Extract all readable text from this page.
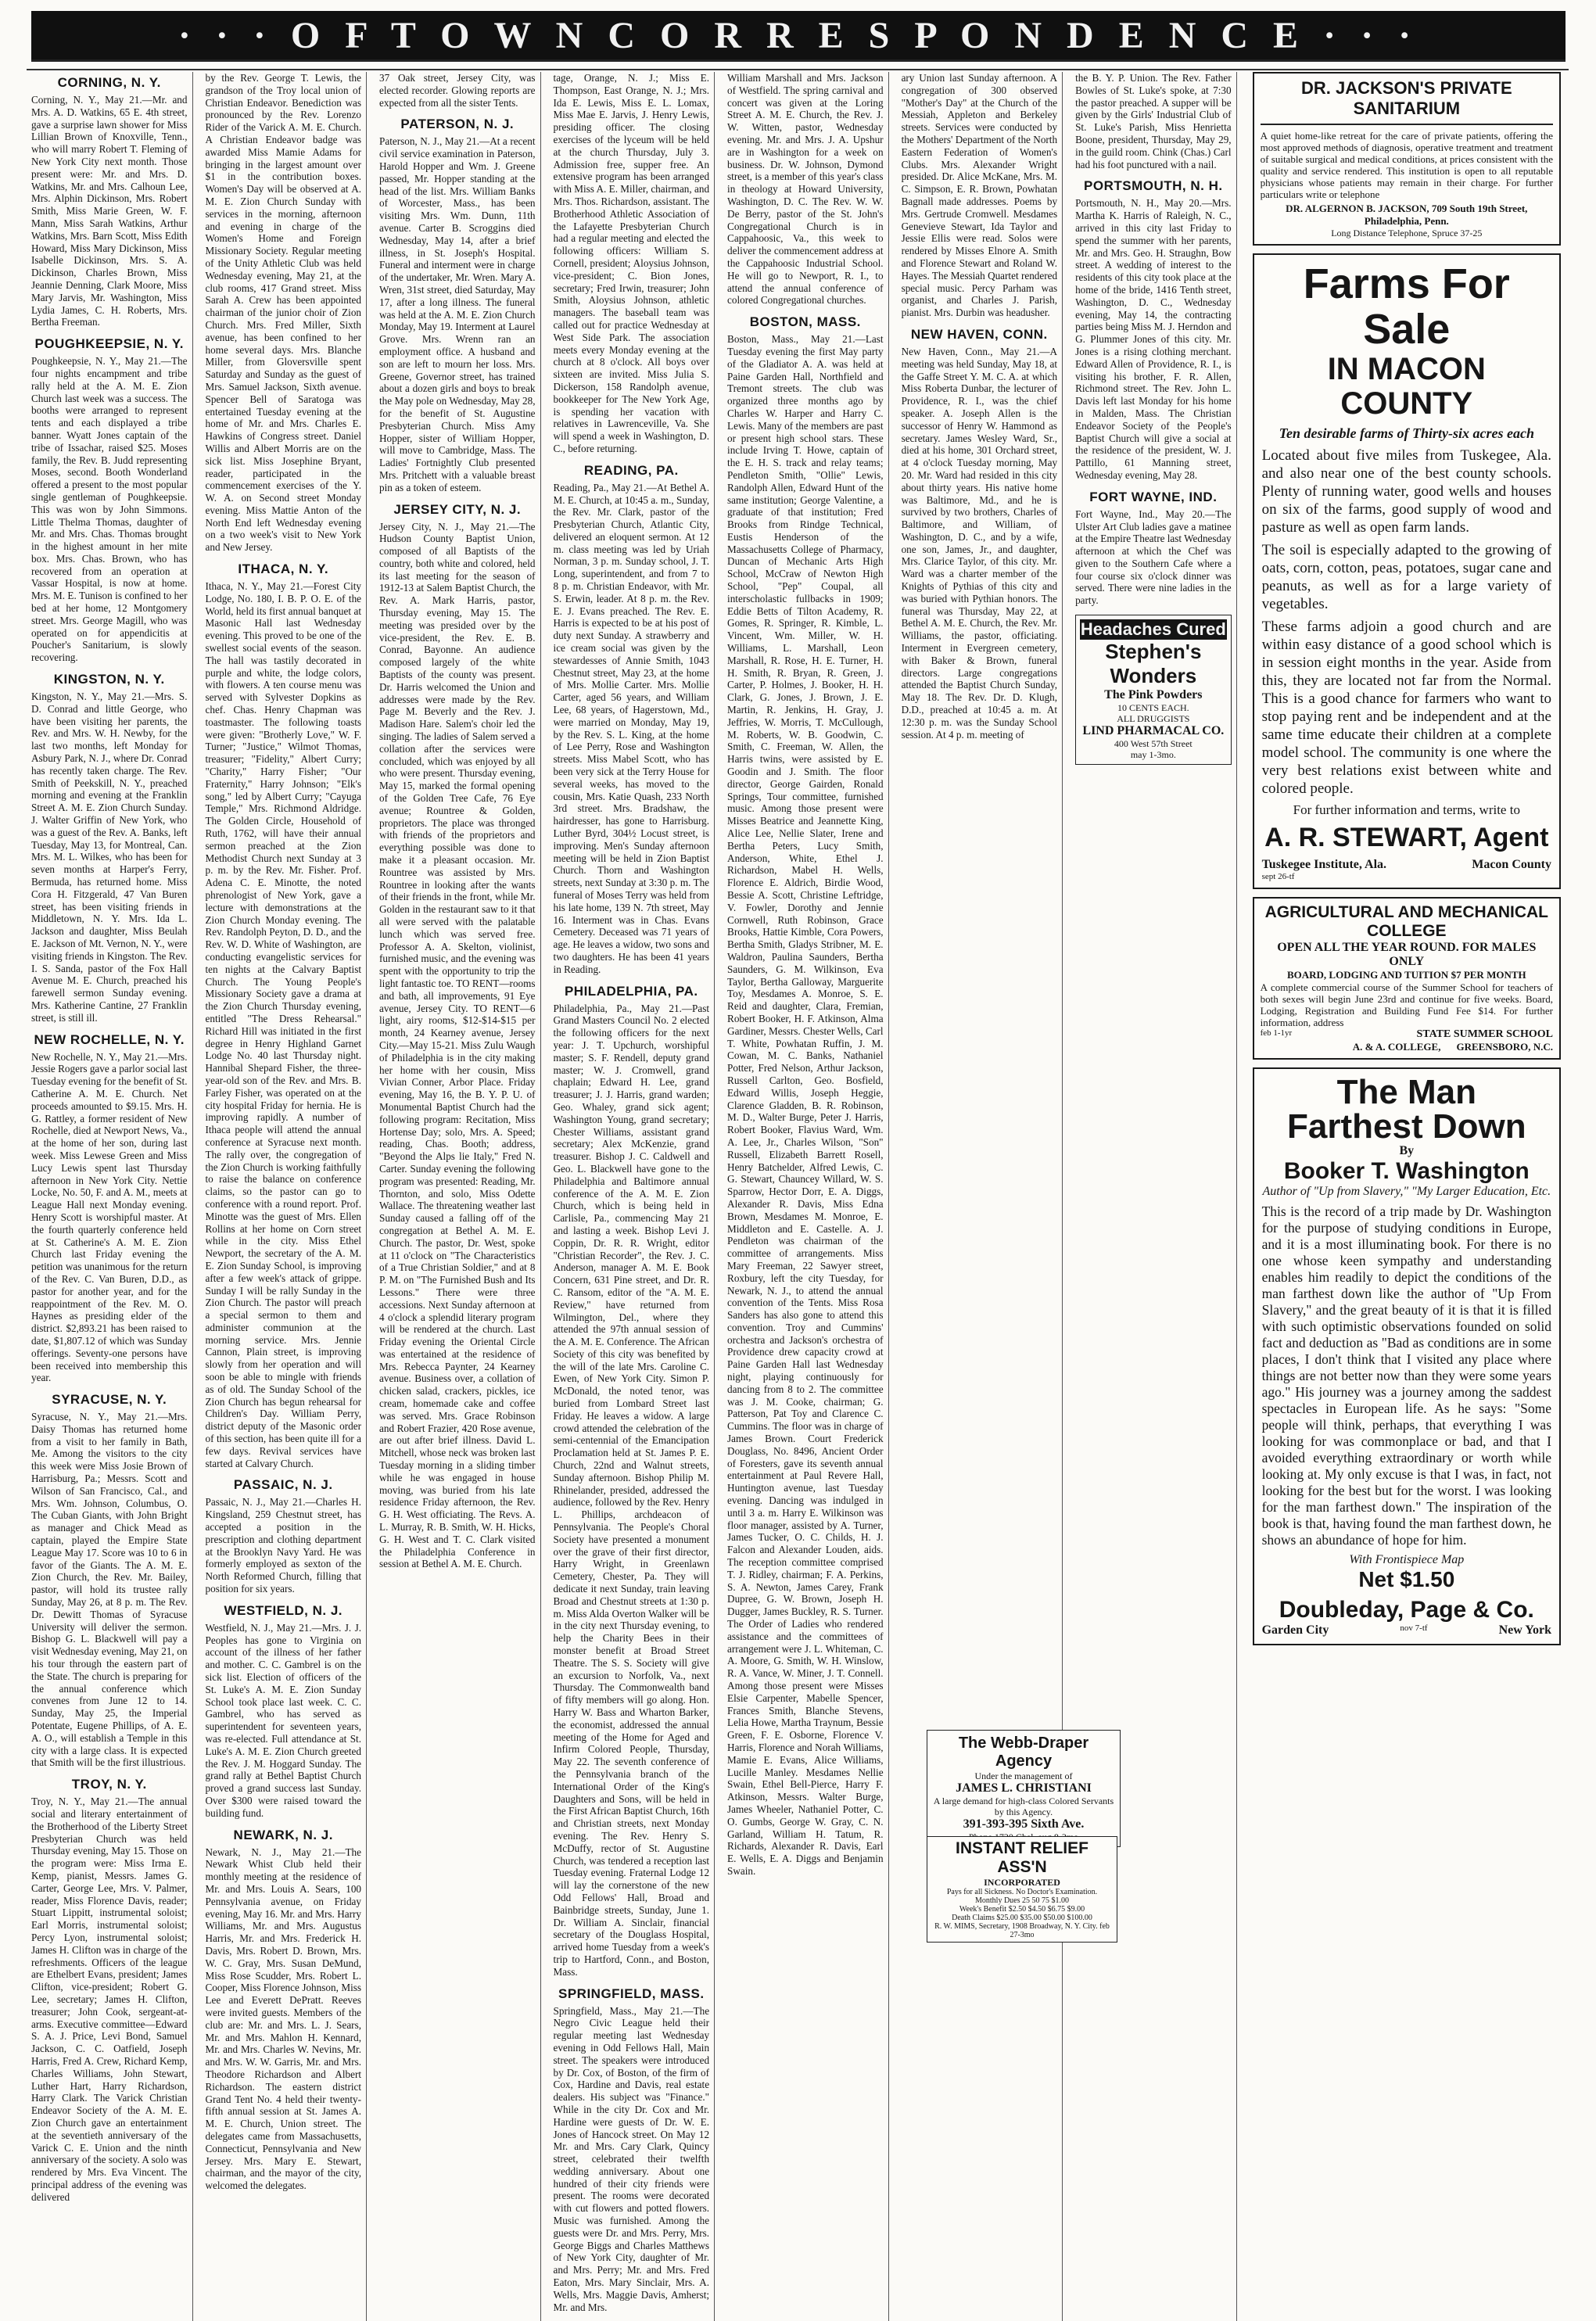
· · · O F T O W N C O R R E S P O N D E N C E · · ·
CORNING, N. Y.

Corning, N. Y., May 21.—Mr. and Mrs. A. D. Watkins, 65 E. 4th street, gave a surprise lawn shower for Miss Lillian Brown of Knoxville, Tenn., who will marry Robert T. Fleming of New York City next month. Those present were: Mr. and Mrs. D. Watkins, Mr. and Mrs. Calhoun Lee, Mrs. Alphin Dickinson, Mrs. Robert Smith, Miss Marie Green, W. F. Mann, Miss Sarah Watkins, Arthur Watkins, Mrs. Barn Scott, Miss Edith Howard, Miss Mary Dickinson, Miss Isabelle Dickinson, Mrs. S. A. Dickinson, Charles Brown, Miss Jeannie Denning, Clark Moore, Miss Mary Jarvis, Mr. Washington, Miss Lydia James, C. H. Roberts, Mrs. Bertha Freeman.

POUGHKEEPSIE, N. Y.

Poughkeepsie, N. Y., May 21.—The four nights encampment and tribe rally held at the A. M. E. Zion Church last week was a success. The booths were arranged to represent tents and each displayed a tribe banner. Wyatt Jones captain of the tribe of Issachar, raised $25. Moses family, the Rev. B. Judd representing Moses, second. Booth Wonderland offered a present to the most popular single gentleman of Poughkeepsie. This was won by John Simmons. Little Thelma Thomas, daughter of Mr. and Mrs. Chas. Thomas brought in the highest amount in her mite box. Mrs. Chas. Brown, who has recovered from an operation at Vassar Hospital, is now at home. Mrs. M. E. Tunison is confined to her bed at her home, 12 Montgomery street. Mrs. George Magill, who was operated on for appendicitis at Poucher's Sanitarium, is slowly recovering.

KINGSTON, N. Y.

Kingston, N. Y., May 21.—Mrs. S. D. Conrad and little George, who have been visiting her parents, the Rev. and Mrs. W. H. Newby, for the last two months, left Monday for Asbury Park, N. J., where Dr. Conrad has recently taken charge. The Rev. Smith of Peekskill, N. Y., preached morning and evening at the Franklin Street A. M. E. Zion Church Sunday. J. Walter Griffin of New York, who was a guest of the Rev. A. Banks, left Tuesday, May 13, for Montreal, Can. Mrs. M. L. Wilkes, who has been for seven months at Harper's Ferry, Bermuda, has returned home. Miss Cora H. Fitzgerald, 47 Van Buren street, has been visiting friends in Middletown, N. Y. Mrs. Ida L. Jackson and daughter, Miss Beulah E. Jackson of Mt. Vernon, N. Y., were visiting friends in Kingston. The Rev. I. S. Sanda, pastor of the Fox Hall Avenue M. E. Church, preached his farewell sermon Sunday evening. Mrs. Katherine Cantine, 27 Franklin street, is still ill.

NEW ROCHELLE, N. Y.

New Rochelle, N. Y., May 21.—Mrs. Jessie Rogers gave a parlor social last Tuesday evening for the benefit of St. Catherine A. M. E. Church. Net proceeds amounted to $9.15. Mrs. H. G. Rattley, a former resident of New Rochelle, died at Newport News, Va., at the home of her son, during last week. Miss Lewese Green and Miss Lucy Lewis spent last Thursday afternoon in New York City. Nettie Locke, No. 50, F. and A. M., meets at League Hall next Monday evening. Henry Scott is worshipful master. At the fourth quarterly conference held at St. Catherine's A. M. E. Zion Church last Friday evening the petition was unanimous for the return of the Rev. C. Van Buren, D.D., as pastor for another year, and for the reappointment of the Rev. M. O. Haynes as presiding elder of the district. $2,893.21 has been raised to date, $1,807.12 of which was Sunday offerings. Seventy-one persons have been received into membership this year.

SYRACUSE, N. Y.

Syracuse, N. Y., May 21.—Mrs. Daisy Thomas has returned home from a visit to her family in Bath, Me. Among the visitors to the city this week were Miss Josie Brown of Harrisburg, Pa.; Messrs. Scott and Wilson of San Francisco, Cal., and Mrs. Wm. Johnson, Columbus, O. The Cuban Giants, with John Bright as manager and Chick Mead as captain, played the Empire State League May 17. Score was 10 to 6 in favor of the Giants. The A. M. E. Zion Church, the Rev. Mr. Bailey, pastor, will hold its trustee rally Sunday, May 26, at 8 p. m. The Rev. Dr. Dewitt Thomas of Syracuse University will deliver the sermon. Bishop G. L. Blackwell will pay a visit Wednesday evening, May 21, on his tour through the eastern part of the State. The church is preparing for the annual conference which convenes from June 12 to 14. Sunday, May 25, the Imperial Potentate, Eugene Phillips, of A. E. A. O., will establish a Temple in this city with a large class. It is expected that Smith will be the first illustrious.

TROY, N. Y.

Troy, N. Y., May 21.—The annual social and literary entertainment of the Brotherhood of the Liberty Street Presbyterian Church was held Thursday evening, May 15. Those on the program were: Miss Irma E. Kemp, pianist, Messrs. James G. Carter, George Lee, Mrs. V. Palmer, reader, Miss Florence Davis, reader; Stuart Lippitt, instrumental soloist; Earl Morris, instrumental soloist; Percy Lyon, instrumental soloist; James H. Clifton was in charge of the refreshments. Officers of the league are Ethelbert Evans, president; James Clifton, vice-president; Robert G. Lee, secretary; James H. Clifton, treasurer; John Cook, sergeant-at-arms. Executive committee—Edward S. A. J. Price, Levi Bond, Samuel Jackson, C. C. Oatfield, Joseph Harris, Fred A. Crew, Richard Kemp, Charles Williams, John Stewart, Luther Hart, Harry Richardson, Harry Clark. The Varick Christian Endeavor Society of the A. M. E. Zion Church gave an entertainment at the seventieth anniversary of the Varick C. E. Union and the ninth anniversary of the society. A solo was rendered by Mrs. Eva Vincent. The principal address of the evening was delivered

by the Rev. George T. Lewis, the grandson of the Troy local union of Christian Endeavor. Benediction was pronounced by the Rev. Lorenzo Rider of the Varick A. M. E. Church. A Christian Endeavor badge was awarded Miss Mamie Adams for bringing in the largest amount over $1 in the contribution boxes. Women's Day will be observed at A. M. E. Zion Church Sunday with services in the morning, afternoon and evening in charge of the Women's Home and Foreign Missionary Society. Regular meeting of the Unity Athletic Club was held Wednesday evening, May 21, at the club rooms, 417 Grand street. Miss Sarah A. Crew has been appointed chairman of the junior choir of Zion Church. Mrs. Fred Miller, Sixth avenue, has been confined to her home several days. Mrs. Blanche Miller, from Gloversville spent Saturday and Sunday as the guest of Mrs. Samuel Jackson, Sixth avenue. Spencer Bell of Saratoga was entertained Tuesday evening at the home of Mr. and Mrs. Charles E. Hawkins of Congress street. Daniel Willis and Albert Morris are on the sick list. Miss Josephine Bryant, reader, participated in the commencement exercises of the Y. W. A. on Second street Monday evening. Miss Mattie Anton of the North End left Wednesday evening on a two week's visit to New York and New Jersey.

ITHACA, N. Y.

Ithaca, N. Y., May 21.—Forest City Lodge, No. 180, I. B. P. O. E. of the World, held its first annual banquet at Masonic Hall last Wednesday evening. This proved to be one of the swellest social events of the season. The hall was tastily decorated in purple and white, the lodge colors, with flowers. A ten course menu was served with Sylvester Dopkins as chef. Chas. Henry Chapman was toastmaster. The following toasts were given: "Brotherly Love," W. F. Turner; "Justice," Wilmot Thomas, treasurer; "Fidelity," Albert Curry; "Charity," Harry Fisher; "Our Fraternity," Harry Johnson; "Elk's song," led by Albert Curry; "Cayuga Temple," Mrs. Richmond Aldridge. The Golden Circle, Household of Ruth, 1762, will have their annual sermon preached at the Zion Methodist Church next Sunday at 3 p. m. by the Rev. Mr. Fisher. Prof. Adena C. E. Minotte, the noted phrenologist of New York, gave a lecture with demonstrations at the Zion Church Monday evening. The Rev. Randolph Peyton, D. D., and the Rev. W. D. White of Washington, are conducting evangelistic services for ten nights at the Calvary Baptist Church. The Young People's Missionary Society gave a drama at the Zion Church Thursday evening, entitled "The Dress Rehearsal." Richard Hill was initiated in the first degree in Henry Highland Garnet Lodge No. 40 last Thursday night. Hannibal Shepard Fisher, the three-year-old son of the Rev. and Mrs. B. Farley Fisher, was operated on at the city hospital Friday for hernia. He is improving rapidly. A number of Ithaca people will attend the annual conference at Syracuse next month. The rally over, the congregation of the Zion Church is working faithfully to raise the balance on conference claims, so the pastor can go to conference with a round report. Prof. Minotte was the guest of Mrs. Ellen Rollins at her home on Corn street while in the city. Miss Ethel Newport, the secretary of the A. M. E. Zion Sunday School, is improving after a few week's attack of grippe. Sunday I will be rally Sunday in the Zion Church. The pastor will preach a special sermon to them and administer communion at the morning service. Mrs. Jennie Cannon, Plain street, is improving slowly from her operation and will soon be able to mingle with friends as of old. The Sunday School of the Zion Church has begun rehearsal for Children's Day. William Perry, district deputy of the Masonic order of this section, has been quite ill for a few days. Revival services have started at Calvary Church.

PASSAIC, N. J.

Passaic, N. J., May 21.—Charles H. Kingsland, 259 Chestnut street, has accepted a position in the prescription and clothing department at the Brooklyn Navy Yard. He was formerly employed as sexton of the North Reformed Church, filling that position for six years.

WESTFIELD, N. J.

Westfield, N. J., May 21.—Mrs. J. J. Peoples has gone to Virginia on account of the illness of her father and mother. C. C. Gambrel is on the sick list. Election of officers of the St. Luke's A. M. E. Zion Sunday School took place last week. C. C. Gambrel, who has served as superintendent for seventeen years, was re-elected. Full attendance at St. Luke's A. M. E. Zion Church greeted the Rev. J. M. Hoggard Sunday. The grand rally at Bethel Baptist Church proved a grand success last Sunday. Over $300 were raised toward the building fund.

NEWARK, N. J.

Newark, N. J., May 21.—The Newark Whist Club held their monthly meeting at the residence of Mr. and Mrs. Louis A. Sears, 100 Pennsylvania avenue, on Friday evening, May 16. Mr. and Mrs. Harry Williams, Mr. and Mrs. Augustus Harris, Mr. and Mrs. Frederick H. Davis, Mrs. Robert D. Brown, Mrs. W. C. Gray, Mrs. Susan DeMund, Miss Rose Scudder, Mrs. Robert L. Cooper, Miss Florence Johnson, Miss Lee and Everett DePratt. Reeves were invited guests. Members of the club are: Mr. and Mrs. L. J. Sears, Mr. and Mrs. Mahlon H. Kennard, Mr. and Mrs. Charles W. Nevins, Mr. and Mrs. W. W. Garris, Mr. and Mrs. Theodore Richardson and Albert Richardson. The eastern district Grand Tent No. 4 held their twenty-fifth annual session at St. James A. M. E. Church, Union street. The delegates came from Massachusetts, Connecticut, Pennsylvania and New Jersey. Mrs. Mary E. Stewart, chairman, and the mayor of the city, welcomed the delegates.

37 Oak street, Jersey City, was elected recorder. Glowing reports are expected from all the sister Tents.

PATERSON, N. J.

Paterson, N. J., May 21.—At a recent civil service examination in Paterson, Harold Hopper and Wm. J. Greene passed, Mr. Hopper standing at the head of the list. Mrs. William Banks of Worcester, Mass., has been visiting Mrs. Wm. Dunn, 11th avenue. Carter B. Scroggins died Wednesday, May 14, after a brief illness, in St. Joseph's Hospital. Funeral and interment were in charge of the undertaker, Mr. Wren. Mary A. Wren, 31st street, died Saturday, May 17, after a long illness. The funeral was held at the A. M. E. Zion Church Monday, May 19. Interment at Laurel Grove. Mrs. Wrenn ran an employment office. A husband and son are left to mourn her loss. Mrs. Greene, Governor street, has trained about a dozen girls and boys to break the May pole on Wednesday, May 28, for the benefit of St. Augustine Presbyterian Church. Miss Amy Hopper, sister of William Hopper, will move to Cambridge, Mass. The Ladies' Fortnightly Club presented Mrs. Pritchett with a valuable breast pin as a token of esteem.

JERSEY CITY, N. J.

Jersey City, N. J., May 21.—The Hudson County Baptist Union, composed of all Baptists of the country, both white and colored, held its last meeting for the season of 1912-13 at Salem Baptist Church, the Rev. A. Mark Harris, pastor, Thursday evening, May 15. The meeting was presided over by the vice-president, the Rev. E. B. Conrad, Bayonne. An audience composed largely of the white Baptists of the county was present. Dr. Harris welcomed the Union and addresses were made by the Rev. Page M. Beverly and the Rev. J. Madison Hare. Salem's choir led the singing. The ladies of Salem served a collation after the services were concluded, which was enjoyed by all who were present. Thursday evening, May 15, marked the formal opening of the Golden Tree Cafe, 76 Eye avenue; Rountree & Golden, proprietors. The place was thronged with friends of the proprietors and everything possible was done to make it a pleasant occasion. Mr. Rountree was assisted by Mrs. Rountree in looking after the wants of their friends in the front, while Mr. Golden in the restaurant saw to it that all were served with the palatable lunch which was served free. Professor A. A. Skelton, violinist, furnished music, and the evening was spent with the opportunity to trip the light fantastic toe. TO RENT—rooms and bath, all improvements, 91 Eye avenue, Jersey City. TO RENT—6 light, airy rooms, $12-$14-$15 per month, 24 Kearney avenue, Jersey City.—May 15-21. Miss Zulu Waugh of Philadelphia is in the city making her home with her cousin, Miss Vivian Conner, Arbor Place. Friday evening, May 16, the B. Y. P. U. of Monumental Baptist Church had the following program: Recitation, Miss Hortense Day; solo, Mrs. A. Speed; reading, Chas. Booth; address, "Beyond the Alps lie Italy," Fred N. Carter. Sunday evening the following program was presented: Reading, Mr. Thornton, and solo, Miss Odette Wallace. The threatening weather last Sunday caused a falling off of the congregation at Bethel A. M. E. Church. The pastor, Dr. West, spoke at 11 o'clock on "The Characteristics of a True Christian Soldier," and at 8 P. M. on "The Furnished Bush and Its Lessons." There were three accessions. Next Sunday afternoon at 4 o'clock a splendid literary program will be rendered at the church. Last Friday evening the Oriental Circle was entertained at the residence of Mrs. Rebecca Paynter, 24 Kearney avenue. Business over, a collation of chicken salad, crackers, pickles, ice cream, homemade cake and coffee was served. Mrs. Grace Robinson and Robert Frazier, 420 Rose avenue, are out after brief illness. David L. Mitchell, whose neck was broken last Tuesday morning in a sliding timber while he was engaged in house moving, was buried from his late residence Friday afternoon, the Rev. G. H. West officiating. The Revs. A. L. Murray, R. B. Smith, W. H. Hicks, G. H. West and T. C. Clark visited the Philadelphia Conference in session at Bethel A. M. E. Church.

tage, Orange, N. J.; Miss E. Thompson, East Orange, N. J.; Mrs. Ida E. Lewis, Miss E. L. Lomax, Miss Mae E. Jarvis, J. Henry Lewis, presiding officer. The closing exercises of the lyceum will be held at the church Thursday, July 3. Admission free, supper free. An extensive program has been arranged with Miss A. E. Miller, chairman, and Mrs. Thos. Richardson, assistant. The Brotherhood Athletic Association of the Lafayette Presbyterian Church had a regular meeting and elected the following officers: William S. Cornell, president; Aloysius Johnson, vice-president; C. Bion Jones, secretary; Fred Irwin, treasurer; John Smith, Aloysius Johnson, athletic managers. The baseball team was called out for practice Wednesday at West Side Park. The association meets every Monday evening at the church at 8 o'clock. All boys over sixteen are invited. Miss Julia S. Dickerson, 158 Randolph avenue, bookkeeper for The New York Age, is spending her vacation with relatives in Lawrenceville, Va. She will spend a week in Washington, D. C., before returning.

READING, PA.

Reading, Pa., May 21.—At Bethel A. M. E. Church, at 10:45 a. m., Sunday, the Rev. Mr. Clark, pastor of the Presbyterian Church, Atlantic City, delivered an eloquent sermon. At 12 m. class meeting was led by Uriah Norman, 3 p. m. Sunday school, J. T. Long, superintendent, and from 7 to 8 p. m. Christian Endeavor, with Mr. S. Erwin, leader. At 8 p. m. the Rev. E. J. Evans preached. The Rev. E. Harris is expected to be at his post of duty next Sunday. A strawberry and ice cream social was given by the stewardesses of Annie Smith, 1043 Chestnut street, May 23, at the home of Mrs. Mollie Carter. Mrs. Mollie Carter, aged 56 years, and William Lee, 68 years, of Hagerstown, Md., were married on Monday, May 19, by the Rev. S. L. King, at the home of Lee Perry, Rose and Washington streets. Miss Mabel Scott, who has been very sick at the Terry House for several weeks, has moved to the cousin, Mrs. Katie Quash, 233 North 3rd street. Mrs. Bradshaw, the hairdresser, has gone to Harrisburg. Luther Byrd, 304½ Locust street, is improving. Men's Sunday afternoon meeting will be held in Zion Baptist Church. Thorn and Washington streets, next Sunday at 3:30 p. m. The funeral of Moses Terry was held from his late home, 139 N. 7th street, May 16. Interment was in Chas. Evans Cemetery. Deceased was 71 years of age. He leaves a widow, two sons and two daughters. He has been 41 years in Reading.

PHILADELPHIA, PA.

Philadelphia, Pa., May 21.—Past Grand Masters Council No. 2 elected the following officers for the next year: J. T. Upchurch, worshipful master; S. F. Rendell, deputy grand master; W. J. Cromwell, grand chaplain; Edward H. Lee, grand treasurer; J. J. Harris, grand warden; Geo. Whaley, grand sick agent; Washington Young, grand secretary; Chester Williams, assistant grand secretary; Alex McKenzie, grand treasurer. Bishop J. C. Caldwell and Geo. L. Blackwell have gone to the Philadelphia and Baltimore annual conference of the A. M. E. Zion Church, which is being held in Carlisle, Pa., commencing May 21 and lasting a week. Bishop Levi J. Coppin, Dr. R. R. Wright, editor "Christian Recorder", the Rev. J. C. Anderson, manager A. M. E. Book Concern, 631 Pine street, and Dr. R. C. Ransom, editor of the "A. M. E. Review," have returned from Wilmington, Del., where they attended the 97th annual session of the A. M. E. Conference. The African Society of this city was benefited by the will of the late Mrs. Caroline C. Ewen, of New York City. Simon P. McDonald, the noted tenor, was buried from Lombard Street last Friday. He leaves a widow. A large crowd attended the celebration of the semi-centennial of the Emancipation Proclamation held at St. James P. E. Church, 22nd and Walnut streets, Sunday afternoon. Bishop Philip M. Rhinelander, presided, addressed the audience, followed by the Rev. Henry L. Phillips, archdeacon of Pennsylvania. The People's Choral Society have presented a monument over the grave of their first director, Harry Wright, in Greenlawn Cemetery, Chester, Pa. They will dedicate it next Sunday, train leaving Broad and Chestnut streets at 1:30 p. m. Miss Alda Overton Walker will be in the city next Thursday evening, to help the Charity Bees in their monster benefit at Broad Street Theatre. The S. S. Society will give an excursion to Norfolk, Va., next Thursday. The Commonwealth band of fifty members will go along. Hon. Harry W. Bass and Wharton Barker, the economist, addressed the annual meeting of the Home for Aged and Infirm Colored People, Thursday, May 22. The seventh conference of the Pennsylvania branch of the International Order of the King's Daughters and Sons, will be held in the First African Baptist Church, 16th and Christian streets, next Monday evening. The Rev. Henry S. McDuffy, rector of St. Augustine Church, was tendered a reception last Tuesday evening. Fraternal Lodge 12 will lay the cornerstone of the new Odd Fellows' Hall, Broad and Bainbridge streets, Sunday, June 1. Dr. William A. Sinclair, financial secretary of the Douglass Hospital, arrived home Tuesday from a week's trip to Hartford, Conn., and Boston, Mass.

SPRINGFIELD, MASS.

Springfield, Mass., May 21.—The Negro Civic League held their regular meeting last Wednesday evening in Odd Fellows Hall, Main street. The speakers were introduced by Dr. Cox, of Boston, of the firm of Cox, Hardine and Davis, real estate dealers. His subject was "Finance." While in the city Dr. Cox and Mr. Hardine were guests of Dr. W. E. Jones of Hancock street. On May 12 Mr. and Mrs. Cary Clark, Quincy street, celebrated their twelfth wedding anniversary. About one hundred of their city friends were present. The rooms were decorated with cut flowers and potted flowers. Music was furnished. Among the guests were Dr. and Mrs. Perry, Mrs. George Biggs and Charles Matthews of New York City, daughter of Mr. and Mrs. Perry; Mr. and Mrs. Fred Eaton, Mrs. Mary Sinclair, Mrs. A. Wells, Mrs. Maggie Davis, Amherst; Mr. and Mrs.

William Marshall and Mrs. Jackson of Westfield. The spring carnival and concert was given at the Loring Street A. M. E. Church, the Rev. J. W. Witten, pastor, Wednesday evening. Mr. and Mrs. J. A. Upshur are in Washington for a week on business. Dr. W. Johnson, Dymond street, is a member of this year's class in theology at Howard University, Washington, D. C. The Rev. W. W. De Berry, pastor of the St. John's Congregational Church is in Cappahoosic, Va., this week to deliver the commencement address at the Cappahoosic Industrial School. He will go to Newport, R. I., to attend the annual conference of colored Congregational churches.

BOSTON, MASS.

Boston, Mass., May 21.—Last Tuesday evening the first May party of the Gladiator A. A. was held at Paine Garden Hall, Northfield and Tremont streets. The club was organized three months ago by Charles W. Harper and Harry C. Lewis. Many of the members are past or present high school stars. These include Irving T. Howe, captain of the E. H. S. track and relay teams; Pendleton Smith, "Ollie" Lewis, Randolph Allen, Edward Hunt of the same institution; George Valentine, a graduate of that institution; Fred Brooks from Rindge Technical, Eustis Henderson of the Massachusetts College of Pharmacy, Duncan of Mechanic Arts High School, McCraw of Newton High School, "Pep" Coupal, all interscholastic fullbacks in 1909; Eddie Betts of Tilton Academy, R. Gomes, R. Springer, R. Kimble, L. Vincent, Wm. Miller, W. H. Williams, L. Marshall, Leon Marshall, R. Rose, H. E. Turner, H. H. Smith, R. Bryan, R. Green, J. Carter, P. Holmes, J. Booker, H. H. Clark, G. Jones, J. Brown, J. E. Martin, R. Jenkins, H. Gray, J. Jeffries, W. Morris, T. McCullough, M. Roberts, W. B. Goodwin, C. Smith, C. Freeman, W. Allen, the Harris twins, were assisted by E. Goodin and J. Smith. The floor director, George Gairden, Ronald Springs, Tour committee, furnished music. Among those present were Misses Beatrice and Jeannette King, Alice Lee, Nellie Slater, Irene and Bertha Peters, Lucy Smith, Anderson, White, Ethel J. Richardson, Mabel H. Wells, Florence E. Aldrich, Birdie Wood, Bessie A. Scott, Christine Leftridge, V. Fowler, Dorothy and Jennie Cornwell, Ruth Robinson, Grace Brooks, Hattie Kimble, Cora Powers, Bertha Smith, Gladys Stribner, M. E. Waldron, Paulina Saunders, Bertha Saunders, G. M. Wilkinson, Eva Taylor, Bertha Galloway, Marguerite Toy, Mesdames A. Monroe, S. E. Reid and daughter, Clara, Fremian, Robert Booker, H. F. Atkinson, Alma Gardiner, Messrs. Chester Wells, Carl T. White, Powhatan Ruffin, J. M. Cowan, M. C. Banks, Nathaniel Potter, Fred Nelson, Arthur Jackson, Russell Carlton, Geo. Bosfield, Edward Willis, Joseph Heggie, Clarence Gladden, B. R. Robinson, M. D., Walter Burge, Peter J. Harris, Robert Booker, Flavius Ward, Wm. A. Lee, Jr., Charles Wilson, "Son" Russell, Elizabeth Barrett Rosell, Henry Batchelder, Alfred Lewis, C. G. Stewart, Chauncey Willard, W. S. Sparrow, Hector Dorr, E. A. Diggs, Alexander R. Davis, Miss Edna Brown, Mesdames M. Monroe, E. Middleton and E. Castelle. A. J. Pendleton was chairman of the committee of arrangements. Miss Mary Freeman, 22 Sawyer street, Roxbury, left the city Tuesday, for Newark, N. J., to attend the annual convention of the Tents. Miss Rosa Sanders has also gone to attend this convention. Troy and Cummins' orchestra and Jackson's orchestra of Providence drew capacity crowd at Paine Garden Hall last Wednesday night, playing continuously for dancing from 8 to 2. The committee was J. M. Cooke, chairman; G. Patterson, Pat Toy and Clarence C. Cummins. The floor was in charge of James Brown. Court Frederick Douglass, No. 8496, Ancient Order of Foresters, gave its seventh annual entertainment at Paul Revere Hall, Huntington avenue, last Tuesday evening. Dancing was indulged in until 3 a. m. Harry E. Wilkinson was floor manager, assisted by A. Turner, James Tucker, O. C. Childs, H. J. Falcon and Alexander Louden, aids. The reception committee comprised T. J. Ridley, chairman; F. A. Perkins, S. A. Newton, James Carey, Frank Dupree, G. W. Brown, Joseph H. Dugger, James Buckley, R. S. Turner. The Order of Ladies who rendered assistance and the committees of arrangement were J. L. Whiteman, C. A. Moore, G. Smith, W. H. Winslow, R. A. Vance, W. Miner, J. T. Connell. Among those present were Misses Elsie Carpenter, Mabelle Spencer, Frances Smith, Blanche Stevens, Lelia Howe, Martha Traynum, Bessie Green, F. E. Osborne, Florence V. Harris, Florence and Norah Williams, Mamie E. Evans, Alice Williams, Lucille Manley. Mesdames Nellie Swain, Ethel Bell-Pierce, Harry F. Atkinson, Messrs. Walter Burge, James Wheeler, Nathaniel Potter, C. O. Gumbs, George W. Gray, C. N. Garland, William H. Tatum, R. Richards, Alexander R. Davis, Earl E. Wells, E. A. Diggs and Benjamin Swain.

ary Union last Sunday afternoon. A congregation of 300 observed "Mother's Day" at the Church of the Messiah, Appleton and Berkeley streets. Services were conducted by the Mothers' Department of the North Eastern Federation of Women's Clubs. Mrs. Alexander Wright presided. Dr. Alice McKane, Mrs. M. C. Simpson, E. R. Brown, Powhatan Bagnall made addresses. Poems by Mrs. Gertrude Cromwell. Mesdames Genevieve Stewart, Ida Taylor and Jessie Ellis were read. Solos were rendered by Misses Elnore A. Smith and Florence Stewart and Roland W. Hayes. The Messiah Quartet rendered special music. Percy Parham was organist, and Charles J. Parish, pianist. Mrs. Durbin was headusher.

NEW HAVEN, CONN.

New Haven, Conn., May 21.—A meeting was held Sunday, May 18, at the Gaffe Street Y. M. C. A. at which Miss Roberta Dunbar, the lecturer of Providence, R. I., was the chief speaker. A. Joseph Allen is the successor of Henry W. Hammond as secretary. James Wesley Ward, Sr., died at his home, 301 Orchard street, at 4 o'clock Tuesday morning, May 20. Mr. Ward had resided in this city about thirty years. His native home was Baltimore, Md., and he is survived by two brothers, Charles of Baltimore, and William, of Washington, D. C., and by a wife, one son, James, Jr., and daughter, Mrs. Clarice Taylor, of this city. Mr. Ward was a charter member of the Knights of Pythias of this city and was buried with Pythian honors. The funeral was Thursday, May 22, at Bethel A. M. E. Church, the Rev. Mr. Williams, the pastor, officiating. Interment in Evergreen cemetery, with Baker & Brown, funeral directors. Large congregations attended the Baptist Church Sunday, May 18. The Rev. Dr. D. Klugh, D.D., preached at 10:45 a. m. At 12:30 p. m. was the Sunday School session. At 4 p. m. meeting of

the B. Y. P. Union. The Rev. Father Bowles of St. Luke's spoke, at 7:30 the pastor preached. A supper will be given by the Girls' Industrial Club of St. Luke's Parish, Miss Henrietta Boone, president, Thursday, May 29, in the guild room. Chink (Chas.) Carl had his foot punctured with a nail.

PORTSMOUTH, N. H.

Portsmouth, N. H., May 20.—Mrs. Martha K. Harris of Raleigh, N. C., arrived in this city last Friday to spend the summer with her parents, Mr. and Mrs. Geo. H. Straughn, Bow street. A wedding of interest to the residents of this city took place at the home of the bride, 1416 Tenth street, Washington, D. C., Wednesday evening, May 14, the contracting parties being Miss M. J. Herndon and G. Plummer Jones of this city. Mr. Jones is a rising clothing merchant. Edward Allen of Providence, R. I., is visiting his brother, F. R. Allen, Richmond street. The Rev. John L. Davis left last Monday for his home in Malden, Mass. The Christian Endeavor Society of the People's Baptist Church will give a social at the residence of the president, W. J. Pattillo, 61 Manning street, Wednesday evening, May 28.

FORT WAYNE, IND.

Fort Wayne, Ind., May 20.—The Ulster Art Club ladies gave a matinee at the Empire Theatre last Wednesday afternoon at which the Chef was given to the Southern Cafe where a four course six o'clock dinner was served. There were nine ladies in the party.

Headaches Cured
Stephen's Wonders
The Pink Powders
10 CENTS EACH.
ALL DRUGGISTS
LIND PHARMACAL CO.
400 West 57th Street
may 1-3mo.
DR. JACKSON'S PRIVATE SANITARIUM
A quiet home-like retreat for the care of private patients, offering the most approved methods of diagnosis, operative treatment and treatment of suitable surgical and medical conditions, at prices consistent with the quality and service rendered. This institution is open to all reputable physicians whose patients may remain in their charge. For further particulars write or telephone
DR. ALGERNON B. JACKSON, 709 South 19th Street, Philadelphia, Penn.
Long Distance Telephone, Spruce 37-25
Farms For Sale
IN MACON COUNTY
Ten desirable farms of Thirty-six acres each
Located about five miles from Tuskegee, Ala. and also near one of the best county schools. Plenty of running water, good wells and houses on six of the farms, good supply of wood and pasture as well as open farm lands.
The soil is especially adapted to the growing of oats, corn, cotton, peas, potatoes, sugar cane and peanuts, as well as for a large variety of vegetables.
These farms adjoin a good church and are within easy distance of a good school which is in session eight months in the year. Aside from this, they are located not far from the Normal. This is a good chance for farmers who want to stop paying rent and be independent and at the same time educate their children at a complete model school. The community is one where the very best relations exist between white and colored people.
For further information and terms, write to
A. R. STEWART, Agent
Tuskegee Institute, Ala.	Macon County
sept 26-tf
AGRICULTURAL AND MECHANICAL COLLEGE
OPEN ALL THE YEAR ROUND. FOR MALES ONLY
BOARD, LODGING AND TUITION $7 PER MONTH
A complete commercial course of the Summer School for teachers of both sexes will begin June 23rd and continue for five weeks. Board, Lodging, Registration and Building Fund Fee $14. For further information, address
feb 1-1yr	STATE SUMMER SCHOOL
A. & A. COLLEGE, GREENSBORO, N.C.
The Man
Farthest Down
By
Booker T. Washington
Author of "Up from Slavery," "My Larger Education, Etc.
This is the record of a trip made by Dr. Washington for the purpose of studying conditions in Europe, and it is a most illuminating book. For there is no one whose keen sympathy and understanding enables him readily to depict the conditions of the man farthest down like the author of "Up From Slavery," and the great beauty of it is that it is filled with such optimistic observations founded on solid fact and deduction as "Bad as conditions are in some places, I don't think that I visited any place where things are not better now than they were some years ago." His journey was a journey among the saddest spectacles in European life. As he says: "Some people will think, perhaps, that everything I was looking for was commonplace or bad, and that I avoided everything extraordinary or worth while looking at. My only excuse is that I was, in fact, not looking for the best but for the worst. I was looking for the man farthest down." The inspiration of the book is that, having found the man farthest down, he shows an abundance of hope for him.
With Frontispiece Map
Net $1.50
Doubleday, Page & Co.
Garden City	nov 7-tf	New York
The Webb-Draper Agency
Under the management of
JAMES L. CHRISTIANI
A large demand for high-class Colored Servants by this Agency.
391-393-395 Sixth Ave.
INSTANT RELIEF ASS'N
INCORPORATED
Pays for all Sickness. No Doctor's Examination.
Monthly Dues 25 50 75 $1.00
Week's Benefit $2.50 $4.50 $6.75 $9.00
Death Claims $25.00 $35.00 $50.00 $100.00
R. W. MIMS, Secretary, 1908 Broadway, N. Y. City. feb 27-3mo
